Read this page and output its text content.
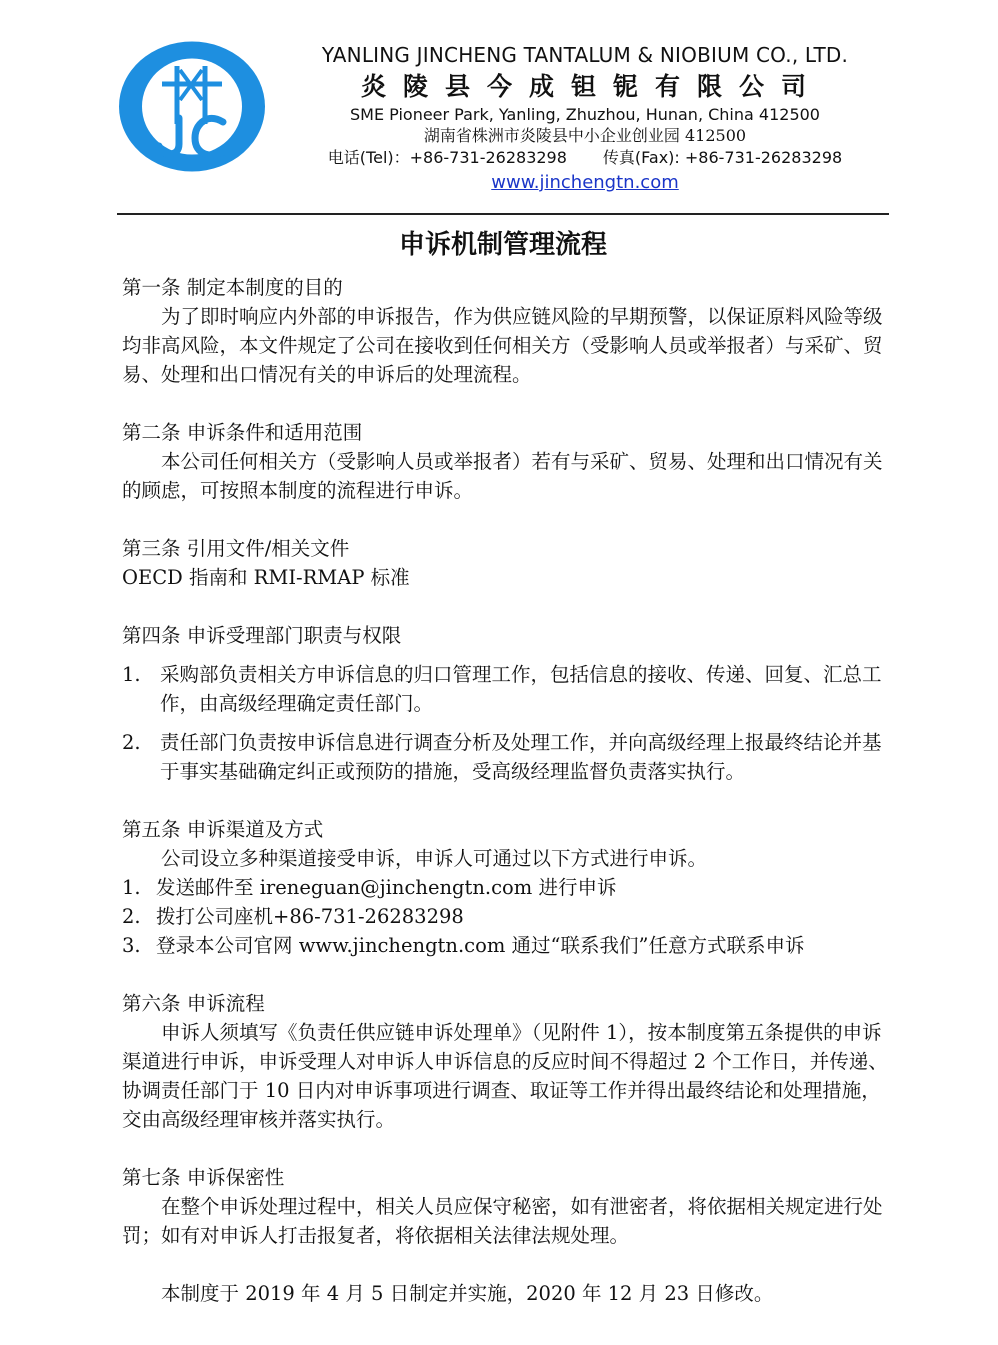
YANLING JINCHENG TANTALUM & NIOBIUM CO., LTD.
炎陵县今成钽铌有限公司
SME Pioneer Park, Yanling, Zhuzhou, Hunan, China 412500
湖南省株洲市炎陵县中小企业创业园 412500
电话(Tel)：+86-731-26283298 传真(Fax): +86-731-26283298
www.jinchengtn.com
申诉机制管理流程

第一条 制定本制度的目的

为了即时响应内外部的申诉报告，作为供应链风险的早期预警，以保证原料风险等级均非高风险，本文件规定了公司在接收到任何相关方（受影响人员或举报者）与采矿、贸易、处理和出口情况有关的申诉后的处理流程。

第二条 申诉条件和适用范围

本公司任何相关方（受影响人员或举报者）若有与采矿、贸易、处理和出口情况有关的顾虑，可按照本制度的流程进行申诉。

第三条 引用文件/相关文件

OECD 指南和 RMI-RMAP 标准

第四条 申诉受理部门职责与权限

1. 采购部负责相关方申诉信息的归口管理工作，包括信息的接收、传递、回复、汇总工作，由高级经理确定责任部门。
2. 责任部门负责按申诉信息进行调查分析及处理工作，并向高级经理上报最终结论并基于事实基础确定纠正或预防的措施，受高级经理监督负责落实执行。

第五条 申诉渠道及方式

公司设立多种渠道接受申诉，申诉人可通过以下方式进行申诉。

1. 发送邮件至 ireneguan@jinchengtn.com 进行申诉

2. 拨打公司座机+86-731-26283298

3. 登录本公司官网 www.jinchengtn.com 通过“联系我们”任意方式联系申诉

第六条 申诉流程

申诉人须填写《负责任供应链申诉处理单》（见附件 1），按本制度第五条提供的申诉渠道进行申诉，申诉受理人对申诉人申诉信息的反应时间不得超过 2 个工作日，并传递、协调责任部门于 10 日内对申诉事项进行调查、取证等工作并得出最终结论和处理措施，交由高级经理审核并落实执行。

第七条 申诉保密性

在整个申诉处理过程中，相关人员应保守秘密，如有泄密者，将依据相关规定进行处罚；如有对申诉人打击报复者，将依据相关法律法规处理。

本制度于 2019 年 4 月 5 日制定并实施，2020 年 12 月 23 日修改。
